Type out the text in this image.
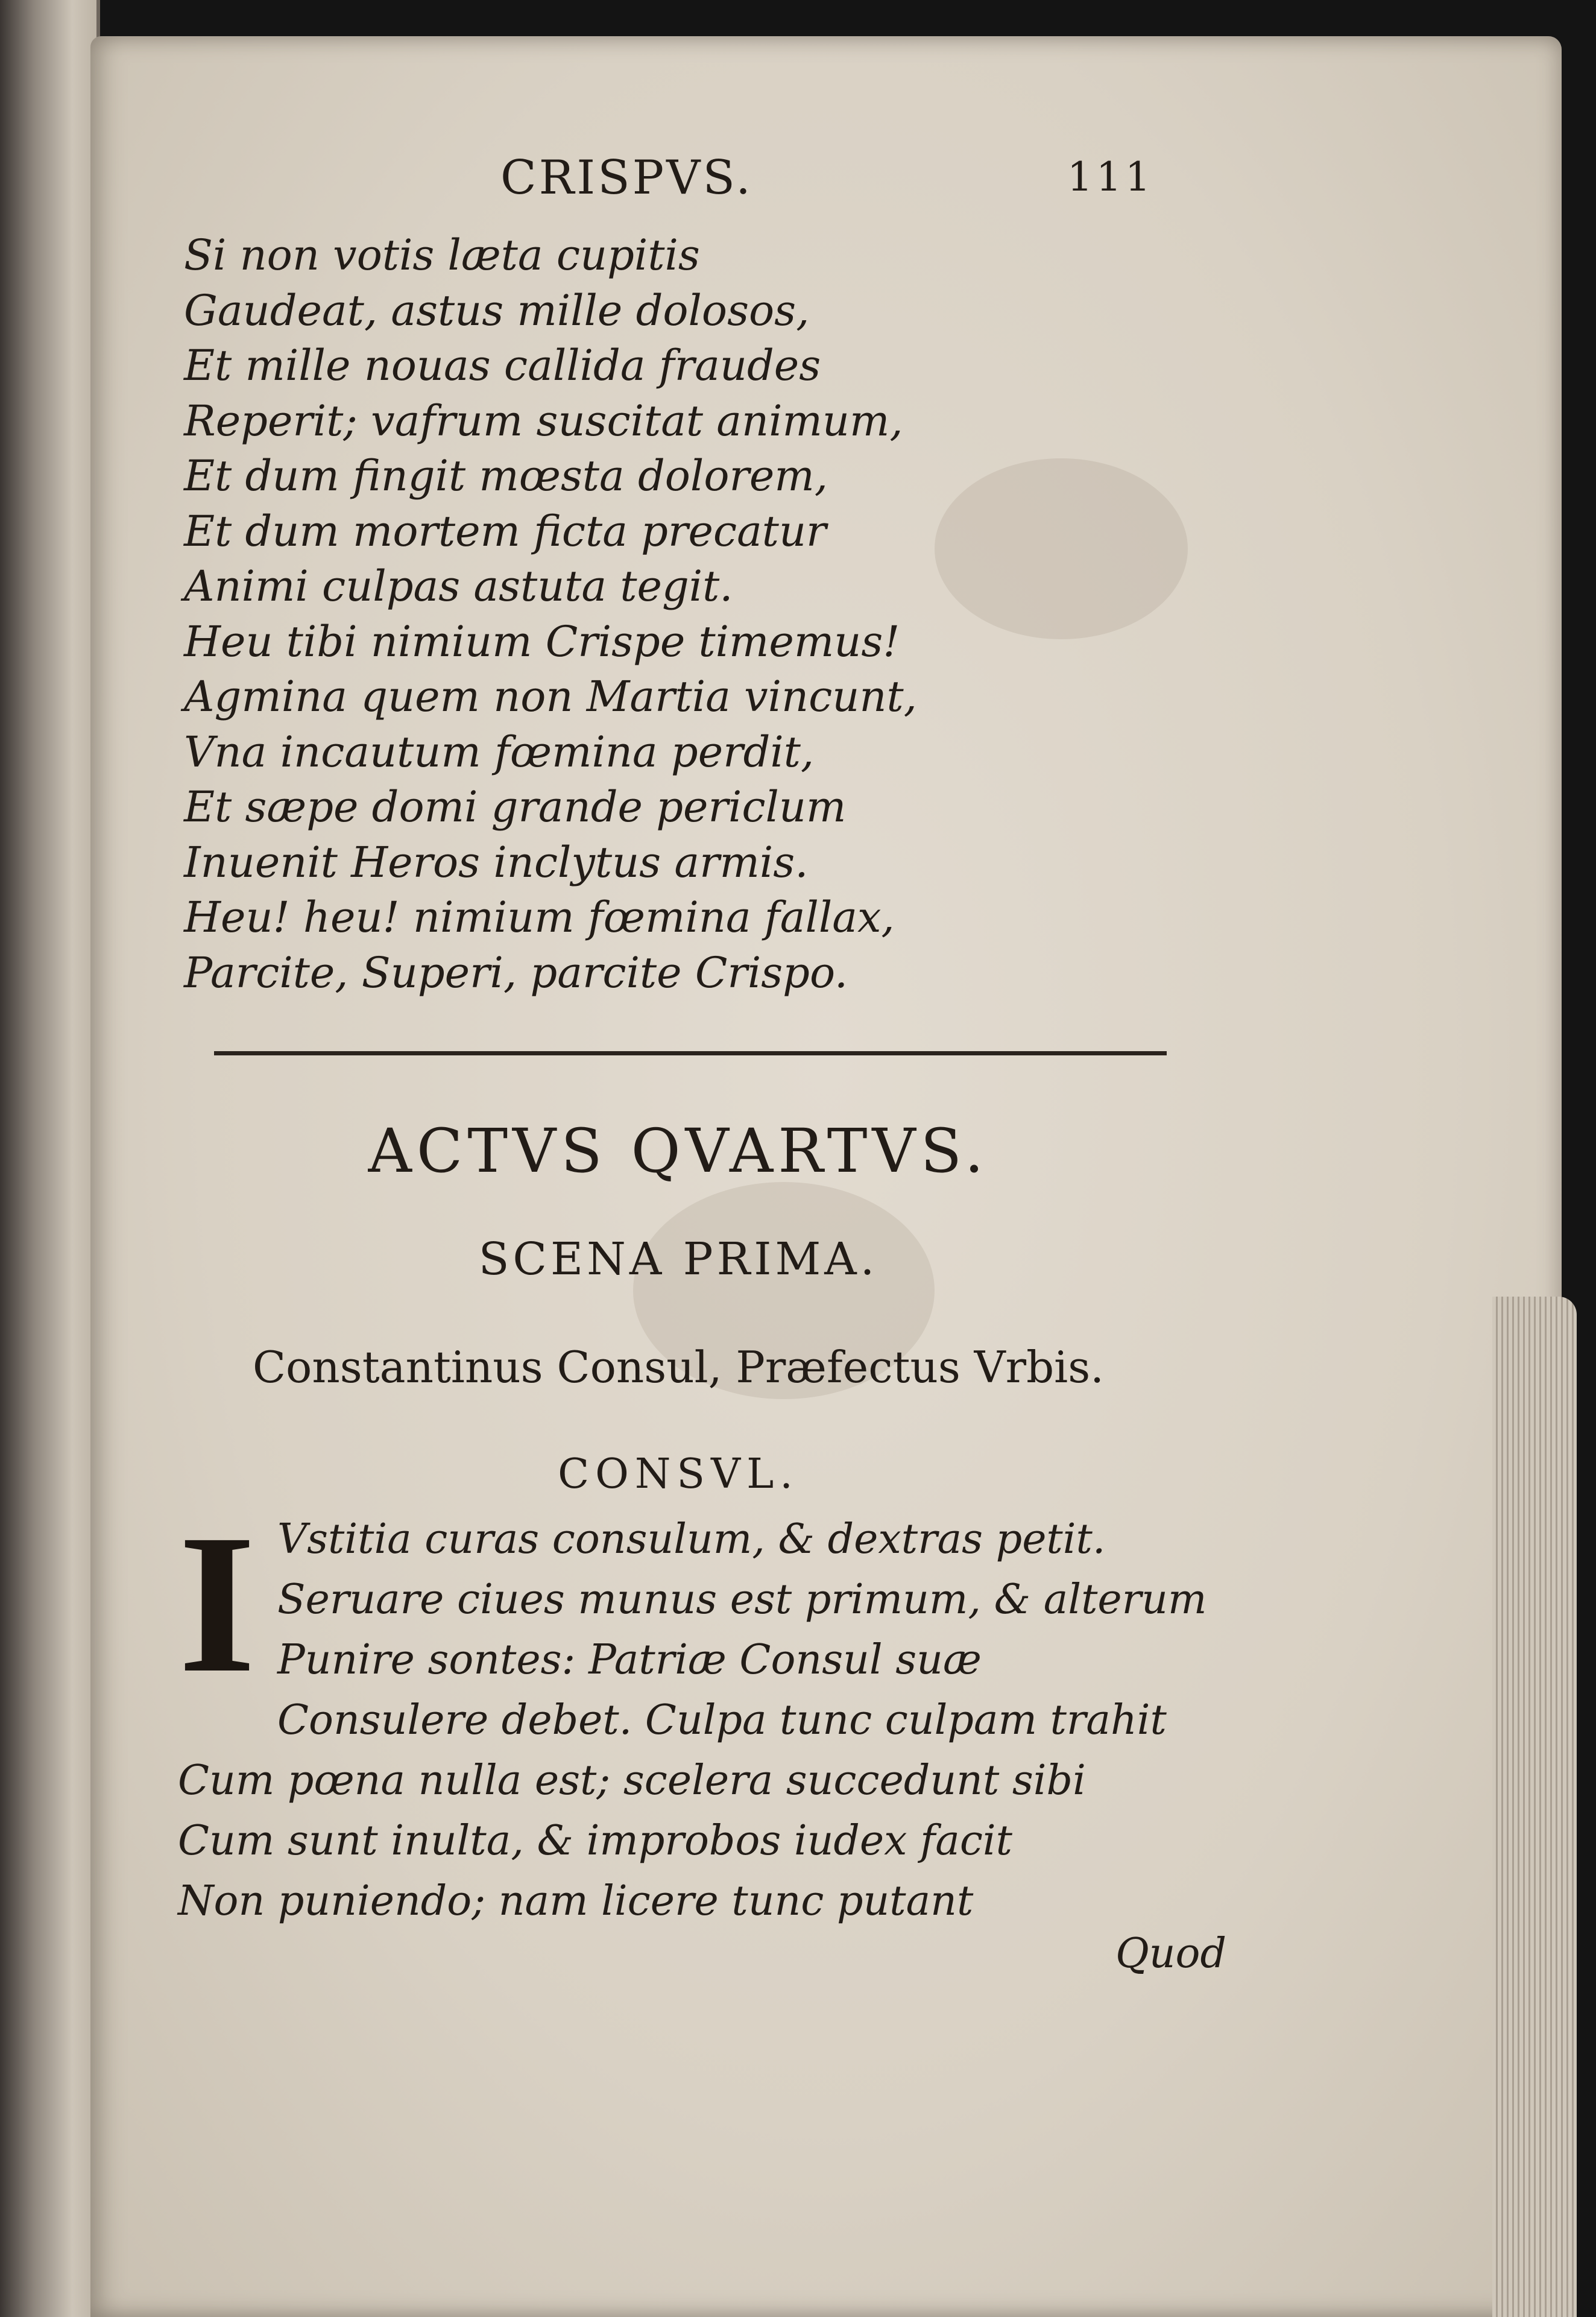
CRISPVS.	111
Si non votis læta cupitis
Gaudeat, astus mille dolosos,
Et mille nouas callida fraudes
Reperit; vafrum suscitat animum,
Et dum fingit mœsta dolorem,
Et dum mortem ficta precatur
Animi culpas astuta tegit.
Heu tibi nimium Crispe timemus!
Agmina quem non Martia vincunt,
Vna incautum fœmina perdit,
Et sæpe domi grande periclum
Inuenit Heros inclytus armis.
Heu! heu! nimium fœmina fallax,
Parcite, Superi, parcite Crispo.
ACTVS QVARTVS.
SCENA PRIMA.
Constantinus Consul, Præfectus Vrbis.
CONSVL.
I Vstitia curas consulum, & dextras petit.
Seruare ciues munus est primum, & alterum
Punire sontes: Patriæ Consul suæ
Consulere debet. Culpa tunc culpam trahit
Cum pœna nulla est; scelera succedunt sibi
Cum sunt inulta, & improbos iudex facit
Non puniendo; nam licere tunc putant
Quod
